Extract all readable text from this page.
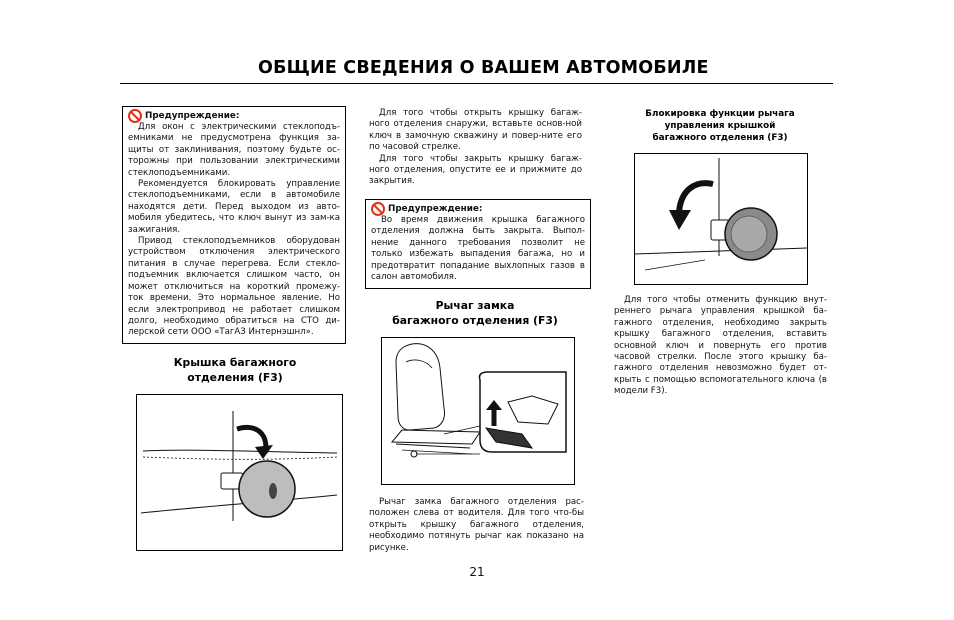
ОБЩИЕ СВЕДЕНИЯ О ВАШЕМ АВТОМОБИЛЕ
Предупреждение:

Для окон с электрическими стеклоподъ-емниками не предусмотрена функция за-щиты от заклинивания, поэтому будьте ос-торожны при пользовании электрическими стеклоподъемниками.

Рекомендуется блокировать управление стеклоподъемниками, если в автомобиле находятся дети. Перед выходом из авто-мобиля убедитесь, что ключ вынут из зам-ка зажигания.

Привод стеклоподъемников оборудован устройством отключения электрического питания в случае перегрева. Если стекло-подъемник включается слишком часто, он может отключиться на короткий промежу-ток времени. Это нормальное явление. Но если электропривод не работает слишком долго, необходимо обратиться на СТО ди-лерской сети ООО «ТагАЗ Интернэшнл».

Крышка багажного
отделения (F3)

Для того чтобы открыть крышку багаж-ного отделения снаружи, вставьте основ-ной ключ в замочную скважину и повер-ните его по часовой стрелке.

Для того чтобы закрыть крышку багаж-ного отделения, опустите ее и прижмите до закрытия.

Предупреждение:

Во время движения крышка багажного отделения должна быть закрыта. Выпол-нение данного требования позволит не только избежать выпадения багажа, но и предотвратит попадание выхлопных газов в салон автомобиля.

Рычаг замка
багажного отделения (F3)

Рычаг замка багажного отделения рас-положен слева от водителя. Для того что-бы открыть крышку багажного отделения, необходимо потянуть рычаг как показано на рисунке.

Блокировка функции рычага
управления крышкой
багажного отделения (F3)

Для того чтобы отменить функцию внут-реннего рычага управления крышкой ба-гажного отделения, необходимо закрыть крышку багажного отделения, вставить основной ключ и повернуть его против часовой стрелки. После этого крышку ба-гажного отделения невозможно будет от-крыть с помощью вспомогательного ключа (в модели F3).

21
